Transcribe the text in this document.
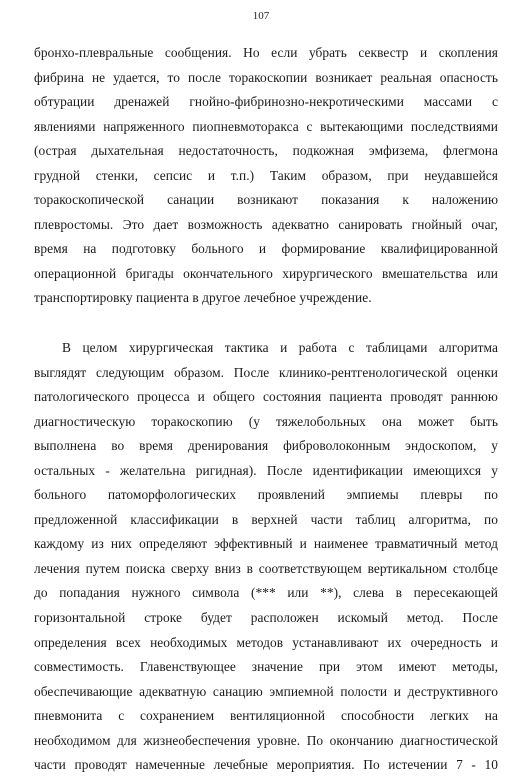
107
бронхо-плевральные сообщения. Но если убрать секвестр и скопления
фибрина не удается, то после торакоскопии возникает реальная опасность
обтурации дренажей гнойно-фибринозно-некротическими массами с
явлениями напряженного пиопневмоторакса с вытекающими последствиями
(острая дыхательная недостаточность, подкожная эмфизема, флегмона
грудной стенки, сепсис и т.п.) Таким образом, при неудавшейся
торакоскопической санации возникают показания к наложению
плевростомы. Это дает возможность адекватно санировать гнойный очаг,
время на подготовку больного и формирование квалифицированной
операционной бригады окончательного хирургического вмешательства или
транспортировку пациента в другое лечебное учреждение.
В целом хирургическая тактика и работа с таблицами алгоритма
выглядят следующим образом. После клинико-рентгенологической оценки
патологического процесса и общего состояния пациента проводят раннюю
диагностическую торакоскопию (у тяжелобольных она может быть
выполнена во время дренирования фиброволоконным эндоскопом, у
остальных - желательна ригидная). После идентификации имеющихся у
больного патоморфологических проявлений эмпиемы плевры по
предложенной классификации в верхней части таблиц алгоритма, по
каждому из них определяют эффективный и наименее травматичный метод
лечения путем поиска сверху вниз в соответствующем вертикальном столбце
до попадания нужного символа (*** или **), слева в пересекающей
горизонтальной строке будет расположен искомый метод. После
определения всех необходимых методов устанавливают их очередность и
совместимость. Главенствующее значение при этом имеют методы,
обеспечивающие адекватную санацию эмпиемной полости и деструктивного
пневмонита с сохранением вентиляционной способности легких на
необходимом для жизнеобеспечения уровне. По окончанию диагностической
части проводят намеченные лечебные мероприятия. По истечении 7 - 10
